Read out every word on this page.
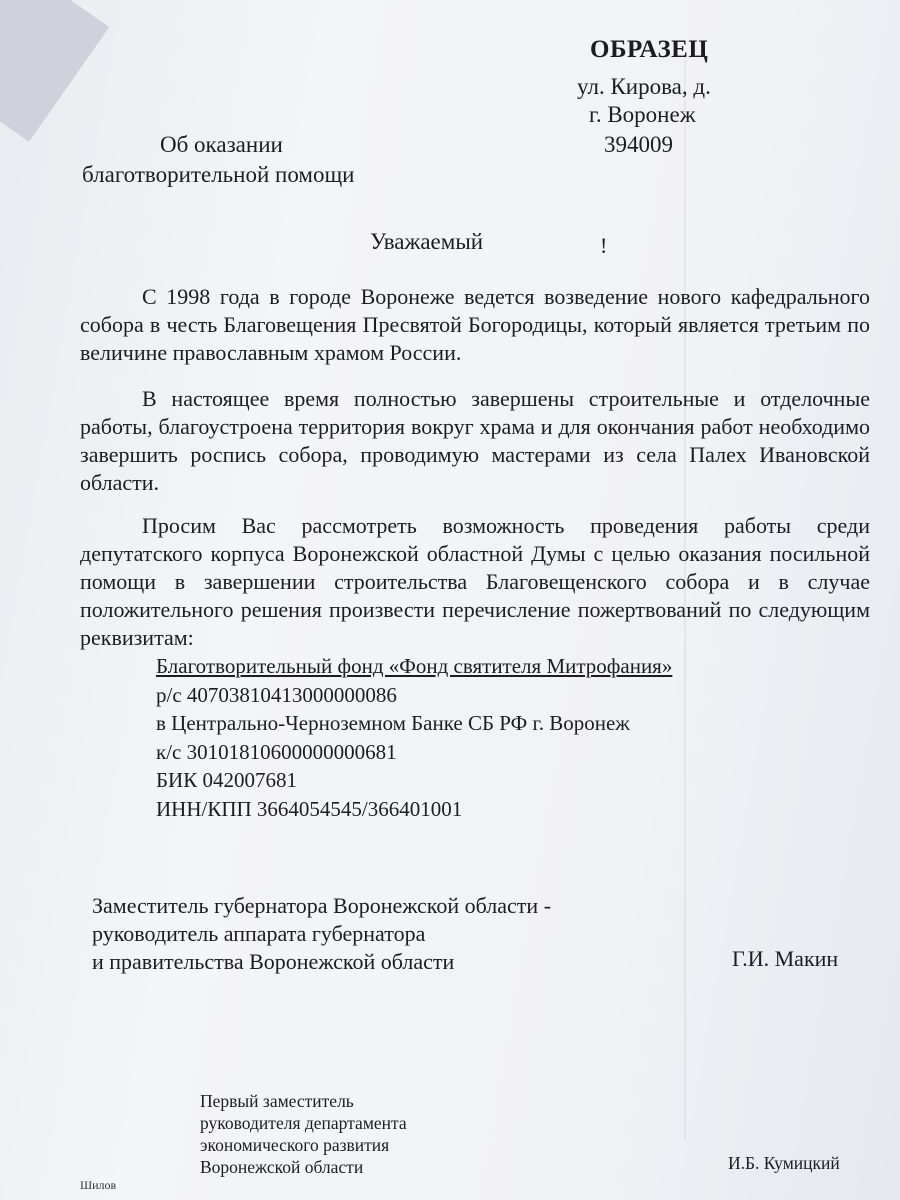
ОБРАЗЕЦ
ул. Кирова, д.
г. Воронеж
394009
Об оказании
благотворительной помощи
Уважаемый	!

С 1998 года в городе Воронеже ведется возведение нового кафедрального собора в честь Благовещения Пресвятой Богородицы, который является третьим по величине православным храмом России.

В настоящее время полностью завершены строительные и отделочные работы, благоустроена территория вокруг храма и для окончания работ необходимо завершить роспись собора, проводимую мастерами из села Палех Ивановской области.

Просим Вас рассмотреть возможность проведения работы среди депутатского корпуса Воронежской областной Думы с целью оказания посильной помощи в завершении строительства Благовещенского собора и в случае положительного решения произвести перечисление пожертвований по следующим реквизитам:

Благотворительный фонд «Фонд святителя Митрофания»
р/с 40703810413000000086
в Центрально-Черноземном Банке СБ РФ г. Воронеж
к/с 30101810600000000681
БИК 042007681
ИНН/КПП 3664054545/366401001
Заместитель губернатора Воронежской области -
руководитель аппарата губернатора
и правительства Воронежской области	Г.И. Макин
Первый заместитель
руководителя департамента
экономического развития
Воронежской области	И.Б. Кумицкий
Шилов
